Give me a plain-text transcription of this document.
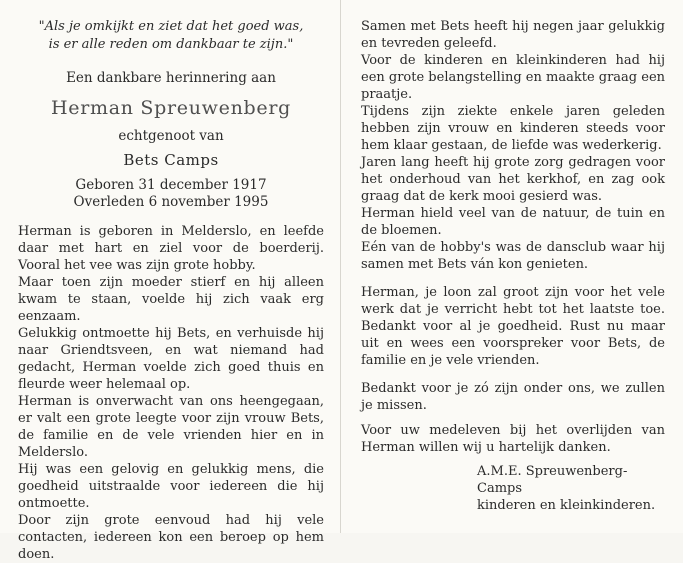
"Als je omkijkt en ziet dat het goed was,
is er alle reden om dankbaar te zijn."
Een dankbare herinnering aan
Herman Spreuwenberg
echtgenoot van
Bets Camps
Geboren 31 december 1917
Overleden 6 november 1995

Herman is geboren in Melderslo, en leefde daar met hart en ziel voor de boerderij. Vooral het vee was zijn grote hobby.

Maar toen zijn moeder stierf en hij alleen kwam te staan, voelde hij zich vaak erg eenzaam.

Gelukkig ontmoette hij Bets, en verhuisde hij naar Griendtsveen, en wat niemand had gedacht, Herman voelde zich goed thuis en fleurde weer helemaal op.

Herman is onverwacht van ons heengegaan, er valt een grote leegte voor zijn vrouw Bets, de familie en de vele vrienden hier en in Melderslo.

Hij was een gelovig en gelukkig mens, die goedheid uitstraalde voor iedereen die hij ontmoette.

Door zijn grote eenvoud had hij vele contacten, iedereen kon een beroep op hem doen.

Samen met Bets heeft hij negen jaar gelukkig en tevreden geleefd.

Voor de kinderen en kleinkinderen had hij een grote belangstelling en maakte graag een praatje.

Tijdens zijn ziekte enkele jaren geleden hebben zijn vrouw en kinderen steeds voor hem klaar gestaan, de liefde was wederkerig.

Jaren lang heeft hij grote zorg gedragen voor het onderhoud van het kerkhof, en zag ook graag dat de kerk mooi gesierd was.

Herman hield veel van de natuur, de tuin en de bloemen.

Eén van de hobby's was de dansclub waar hij samen met Bets ván kon genieten.

Herman, je loon zal groot zijn voor het vele werk dat je verricht hebt tot het laatste toe. Bedankt voor al je goedheid. Rust nu maar uit en wees een voorspreker voor Bets, de familie en je vele vrienden.

Bedankt voor je zó zijn onder ons, we zullen je missen.

Voor uw medeleven bij het overlijden van Herman willen wij u hartelijk danken.
A.M.E. Spreuwenberg-Camps
kinderen en kleinkinderen.
